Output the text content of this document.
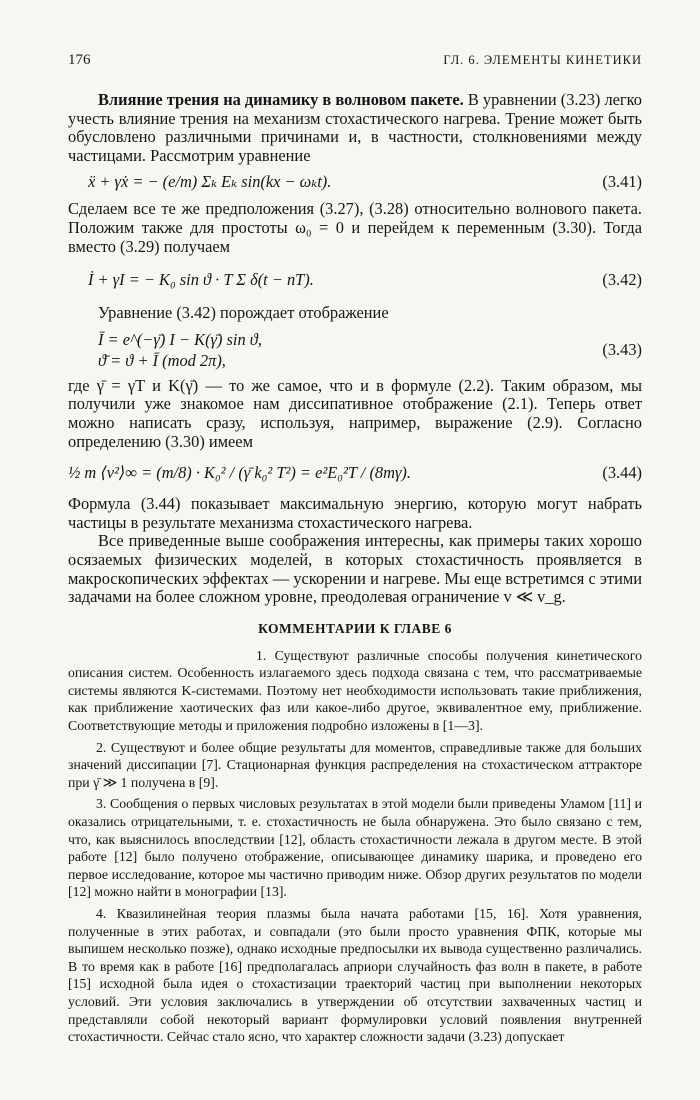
176	ГЛ. 6. ЭЛЕМЕНТЫ КИНЕТИКИ

Влияние трения на динамику в волновом пакете. В уравнении (3.23) легко учесть влияние трения на механизм стохастического нагрева. Трение может быть обусловлено различными причинами и, в частности, столкновениями между частицами. Рассмотрим уравнение

ẍ + γẋ = − (e/m) Σₖ Eₖ sin(kx − ωₖt).	(3.41)

Сделаем все те же предположения (3.27), (3.28) относительно волнового пакета. Положим также для простоты ω₀ = 0 и перейдем к переменным (3.30). Тогда вместо (3.29) получаем

İ + γI = − K₀ sin ϑ · T Σ δ(t − nT).	(3.42)

Уравнение (3.42) порождает отображение

Ī = e^(−γ̄) I − K(γ̄) sin ϑ,
ϑ̄ = ϑ + Ī (mod 2π),
(3.43)

где γ̄ = γT и K(γ̄) — то же самое, что и в формуле (2.2). Таким образом, мы получили уже знакомое нам диссипативное отображение (2.1). Теперь ответ можно написать сразу, используя, например, выражение (2.9). Согласно определению (3.30) имеем

½ m ⟨v²⟩∞ = (m/8) · K₀² / (γ̄ k₀² T²) = e²E₀²T / (8mγ).	(3.44)

Формула (3.44) показывает максимальную энергию, которую могут набрать частицы в результате механизма стохастического нагрева.

Все приведенные выше соображения интересны, как примеры таких хорошо осязаемых физических моделей, в которых стохастичность проявляется в макроскопических эффектах — ускорении и нагреве. Мы еще встретимся с этими задачами на более сложном уровне, преодолевая ограничение v ≪ v_g.

КОММЕНТАРИИ К ГЛАВЕ 6

1. Существуют различные способы получения кинетического описания систем. Особенность излагаемого здесь подхода связана с тем, что рассматриваемые системы являются K-системами. Поэтому нет необходимости использовать такие приближения, как приближение хаотических фаз или какое-либо другое, эквивалентное ему, приближение. Соответствующие методы и приложения подробно изложены в [1—3].

2. Существуют и более общие результаты для моментов, справедливые также для больших значений диссипации [7]. Стационарная функция распределения на стохастическом аттракторе при γ̄ ≫ 1 получена в [9].

3. Сообщения о первых числовых результатах в этой модели были приведены Уламом [11] и оказались отрицательными, т. е. стохастичность не была обнаружена. Это было связано с тем, что, как выяснилось впоследствии [12], область стохастичности лежала в другом месте. В этой работе [12] было получено отображение, описывающее динамику шарика, и проведено его первое исследование, которое мы частично приводим ниже. Обзор других результатов по модели [12] можно найти в монографии [13].

4. Квазилинейная теория плазмы была начата работами [15, 16]. Хотя уравнения, полученные в этих работах, и совпадали (это были просто уравнения ФПК, которые мы выпишем несколько позже), однако исходные предпосылки их вывода существенно различались. В то время как в работе [16] предполагалась априори случайность фаз волн в пакете, в работе [15] исходной была идея о стохастизации траекторий частиц при выполнении некоторых условий. Эти условия заключались в утверждении об отсутствии захваченных частиц и представляли собой некоторый вариант формулировки условий появления внутренней стохастичности. Сейчас стало ясно, что характер сложности задачи (3.23) допускает
